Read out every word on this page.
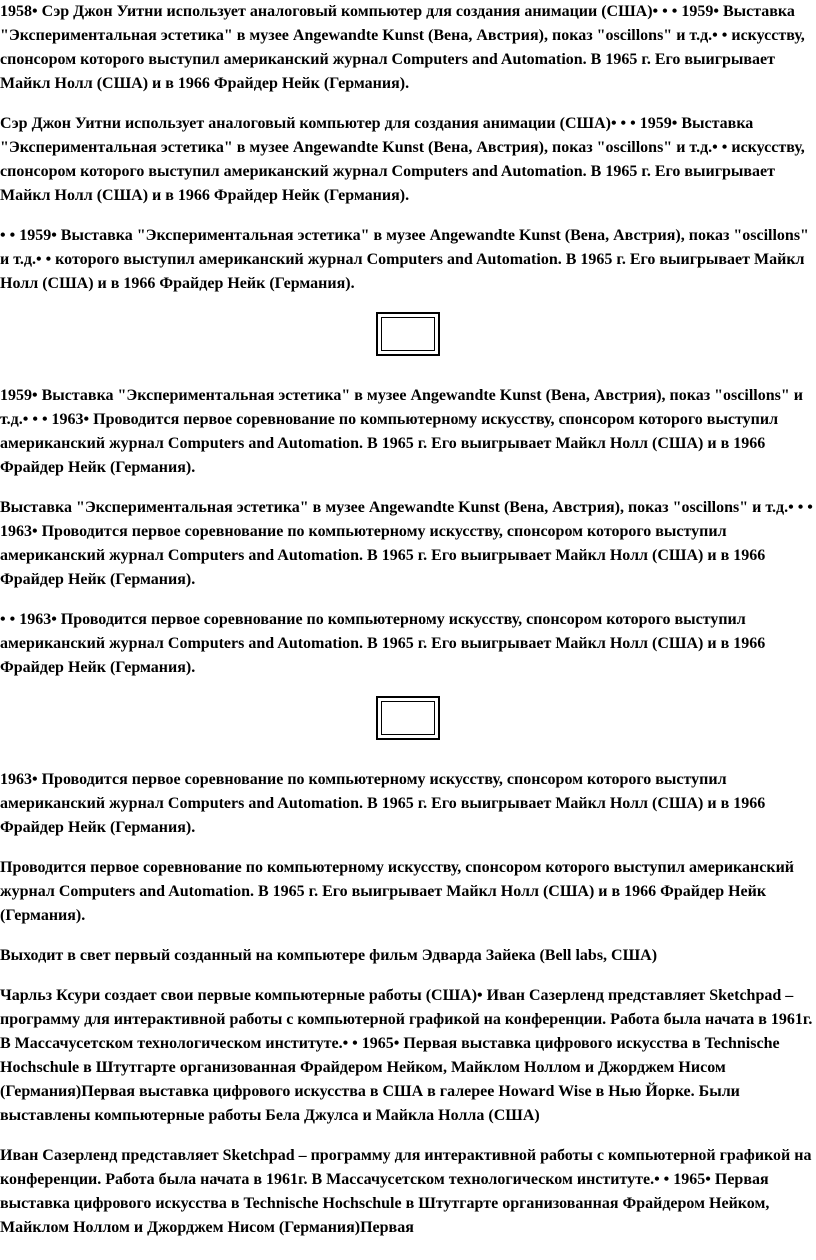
1958• Сэр Джон Уитни использует аналоговый компьютер для создания анимации (США)• • • 1959• Выставка "Экспериментальная эстетика" в музее Angewandte Kunst (Вена, Австрия), показ "oscillons" и т.д.• • искусству, спонсором которого выступил американский журнал Computers and Automation. В 1965 г. Его выигрывает Майкл Нолл (США) и в 1966 Фрайдер Нейк (Германия).

Сэр Джон Уитни использует аналоговый компьютер для создания анимации (США)• • • 1959• Выставка "Экспериментальная эстетика" в музее Angewandte Kunst (Вена, Австрия), показ "oscillons" и т.д.• • искусству, спонсором которого выступил американский журнал Computers and Automation. В 1965 г. Его выигрывает Майкл Нолл (США) и в 1966 Фрайдер Нейк (Германия).

• • 1959• Выставка "Экспериментальная эстетика" в музее Angewandte Kunst (Вена, Австрия), показ "oscillons" и т.д.• • которого выступил американский журнал Computers and Automation. В 1965 г. Его выигрывает Майкл Нолл (США) и в 1966 Фрайдер Нейк (Германия).

1959• Выставка "Экспериментальная эстетика" в музее Angewandte Kunst (Вена, Австрия), показ "oscillons" и т.д.• • • 1963• Проводится первое соревнование по компьютерному искусству, спонсором которого выступил американский журнал Computers and Automation. В 1965 г. Его выигрывает Майкл Нолл (США) и в 1966 Фрайдер Нейк (Германия).

Выставка "Экспериментальная эстетика" в музее Angewandte Kunst (Вена, Австрия), показ "oscillons" и т.д.• • • 1963• Проводится первое соревнование по компьютерному искусству, спонсором которого выступил американский журнал Computers and Automation. В 1965 г. Его выигрывает Майкл Нолл (США) и в 1966 Фрайдер Нейк (Германия).

• • 1963• Проводится первое соревнование по компьютерному искусству, спонсором которого выступил американский журнал Computers and Automation. В 1965 г. Его выигрывает Майкл Нолл (США) и в 1966 Фрайдер Нейк (Германия).

1963• Проводится первое соревнование по компьютерному искусству, спонсором которого выступил американский журнал Computers and Automation. В 1965 г. Его выигрывает Майкл Нолл (США) и в 1966 Фрайдер Нейк (Германия).

Проводится первое соревнование по компьютерному искусству, спонсором которого выступил американский журнал Computers and Automation. В 1965 г. Его выигрывает Майкл Нолл (США) и в 1966 Фрайдер Нейк (Германия).

Выходит в свет первый созданный на компьютере фильм Эдварда Зайека (Bell labs, США)

Чарльз Ксури создает свои первые компьютерные работы (США)• Иван Сазерленд представляет Sketchpad – программу для интерактивной работы с компьютерной графикой на конференции. Работа была начата в 1961г. В Массачусетском технологическом институте.• • 1965• Первая выставка цифрового искусства в Technische Hochschule в Штутгарте организованная Фрайдером Нейком, Майклом Ноллом и Джорджем Нисом (Германия)Первая выставка цифрового искусства в США в галерее Howard Wise в Нью Йорке. Были выставлены компьютерные работы Бела Джулса и Майкла Нолла (США)

Иван Сазерленд представляет Sketchpad – программу для интерактивной работы с компьютерной графикой на конференции. Работа была начата в 1961г. В Массачусетском технологическом институте.• • 1965• Первая выставка цифрового искусства в Technische Hochschule в Штутгарте организованная Фрайдером Нейком, Майклом Ноллом и Джорджем Нисом (Германия)Первая
